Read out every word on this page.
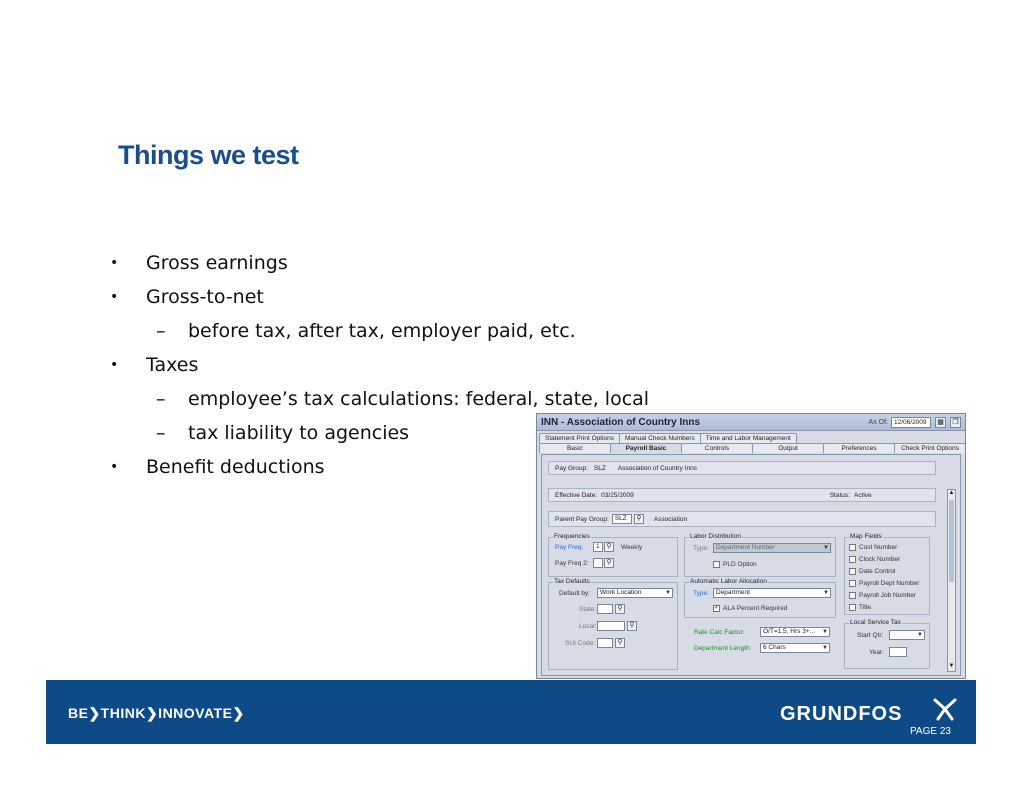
Things we test
• Gross earnings
• Gross-to-net
– before tax, after tax, employer paid, etc.
• Taxes
– employee’s tax calculations: federal, state, local
– tax liability to agencies
• Benefit deductions
INN - Association of Country Inns	As Of: 12/06/2009	▦	❐
Statement Print Options	Manual Check Numbers	Time and Labor Management
Basic	Payroll Basic	Controls	Output	Preferences	Check Print Options
Pay Group: SLZ Association of Country Inns
Effective Date: 03/25/2009	Status: Active
Parent Pay Group: SLZ	⚲	Association
Frequencies
Pay Freq:	1 ⚲	Weekly
Pay Freq 2:	⚲
Tax Defaults
Default by:	Work Location	▼
State:	⚲
Local:	⚲
SUI Code:	⚲
Labor Distribution
Type:	Department Number	▼
PLD Option
Automatic Labor Allocation
Type:	Department	▼
✓ ALA Percent Required
Rate Calc Factor:	O/T=1.5, Hrs 3+... ▼
Department Length:	6 Chars	▼
Map Fields
Cost Number
Clock Number
Date Control
Payroll Dept Number
Payroll Job Number
Title
Local Service Tax
Start Qtr:	▼
Year:
▲
▼
BE❯THINK❯INNOVATE❯	GRUNDFOS
PAGE 23
